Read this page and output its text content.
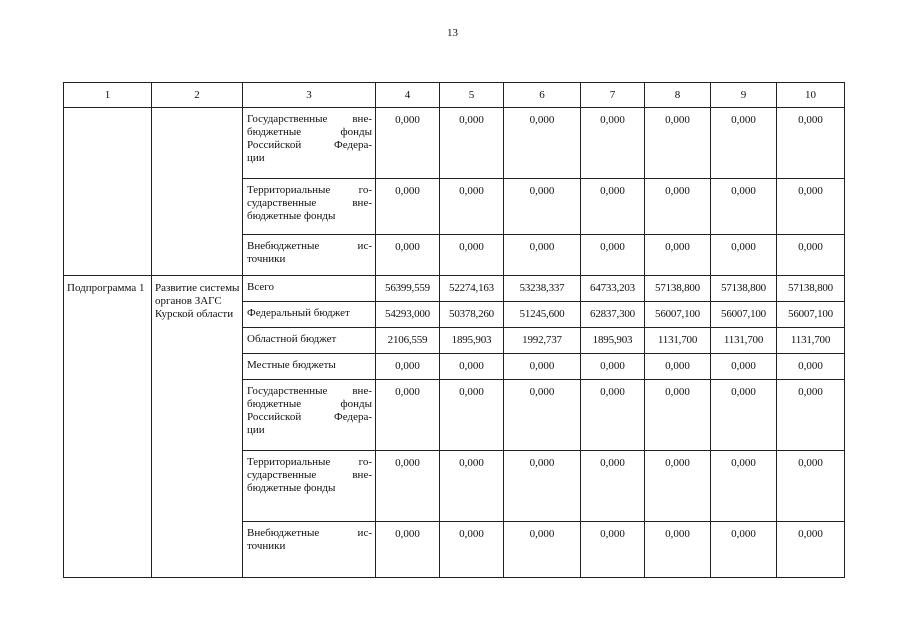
13
1	2	3	4	5	6	7	8	9	10

		Государственные вне-
бюджетные фонды
Российской Федера-
ции	0,000	0,000	0,000	0,000	0,000	0,000	0,000

		Территориальные го-
сударственные вне-
бюджетные фонды	0,000	0,000	0,000	0,000	0,000	0,000	0,000

		Внебюджетные ис-
точники	0,000	0,000	0,000	0,000	0,000	0,000	0,000
Подпрограмма 1	Развитие системы органов ЗАГС Курской области	Всего	56399,559	52274,163	53238,337	64733,203	57138,800	57138,800	57138,800

		Федеральный бюджет	54293,000	50378,260	51245,600	62837,300	56007,100	56007,100	56007,100

		Областной бюджет	2106,559	1895,903	1992,737	1895,903	1131,700	1131,700	1131,700

		Местные бюджеты	0,000	0,000	0,000	0,000	0,000	0,000	0,000

		Государственные вне-
бюджетные фонды
Российской Федера-
ции	0,000	0,000	0,000	0,000	0,000	0,000	0,000

		Территориальные го-
сударственные вне-
бюджетные фонды	0,000	0,000	0,000	0,000	0,000	0,000	0,000

		Внебюджетные ис-
точники	0,000	0,000	0,000	0,000	0,000	0,000	0,000
